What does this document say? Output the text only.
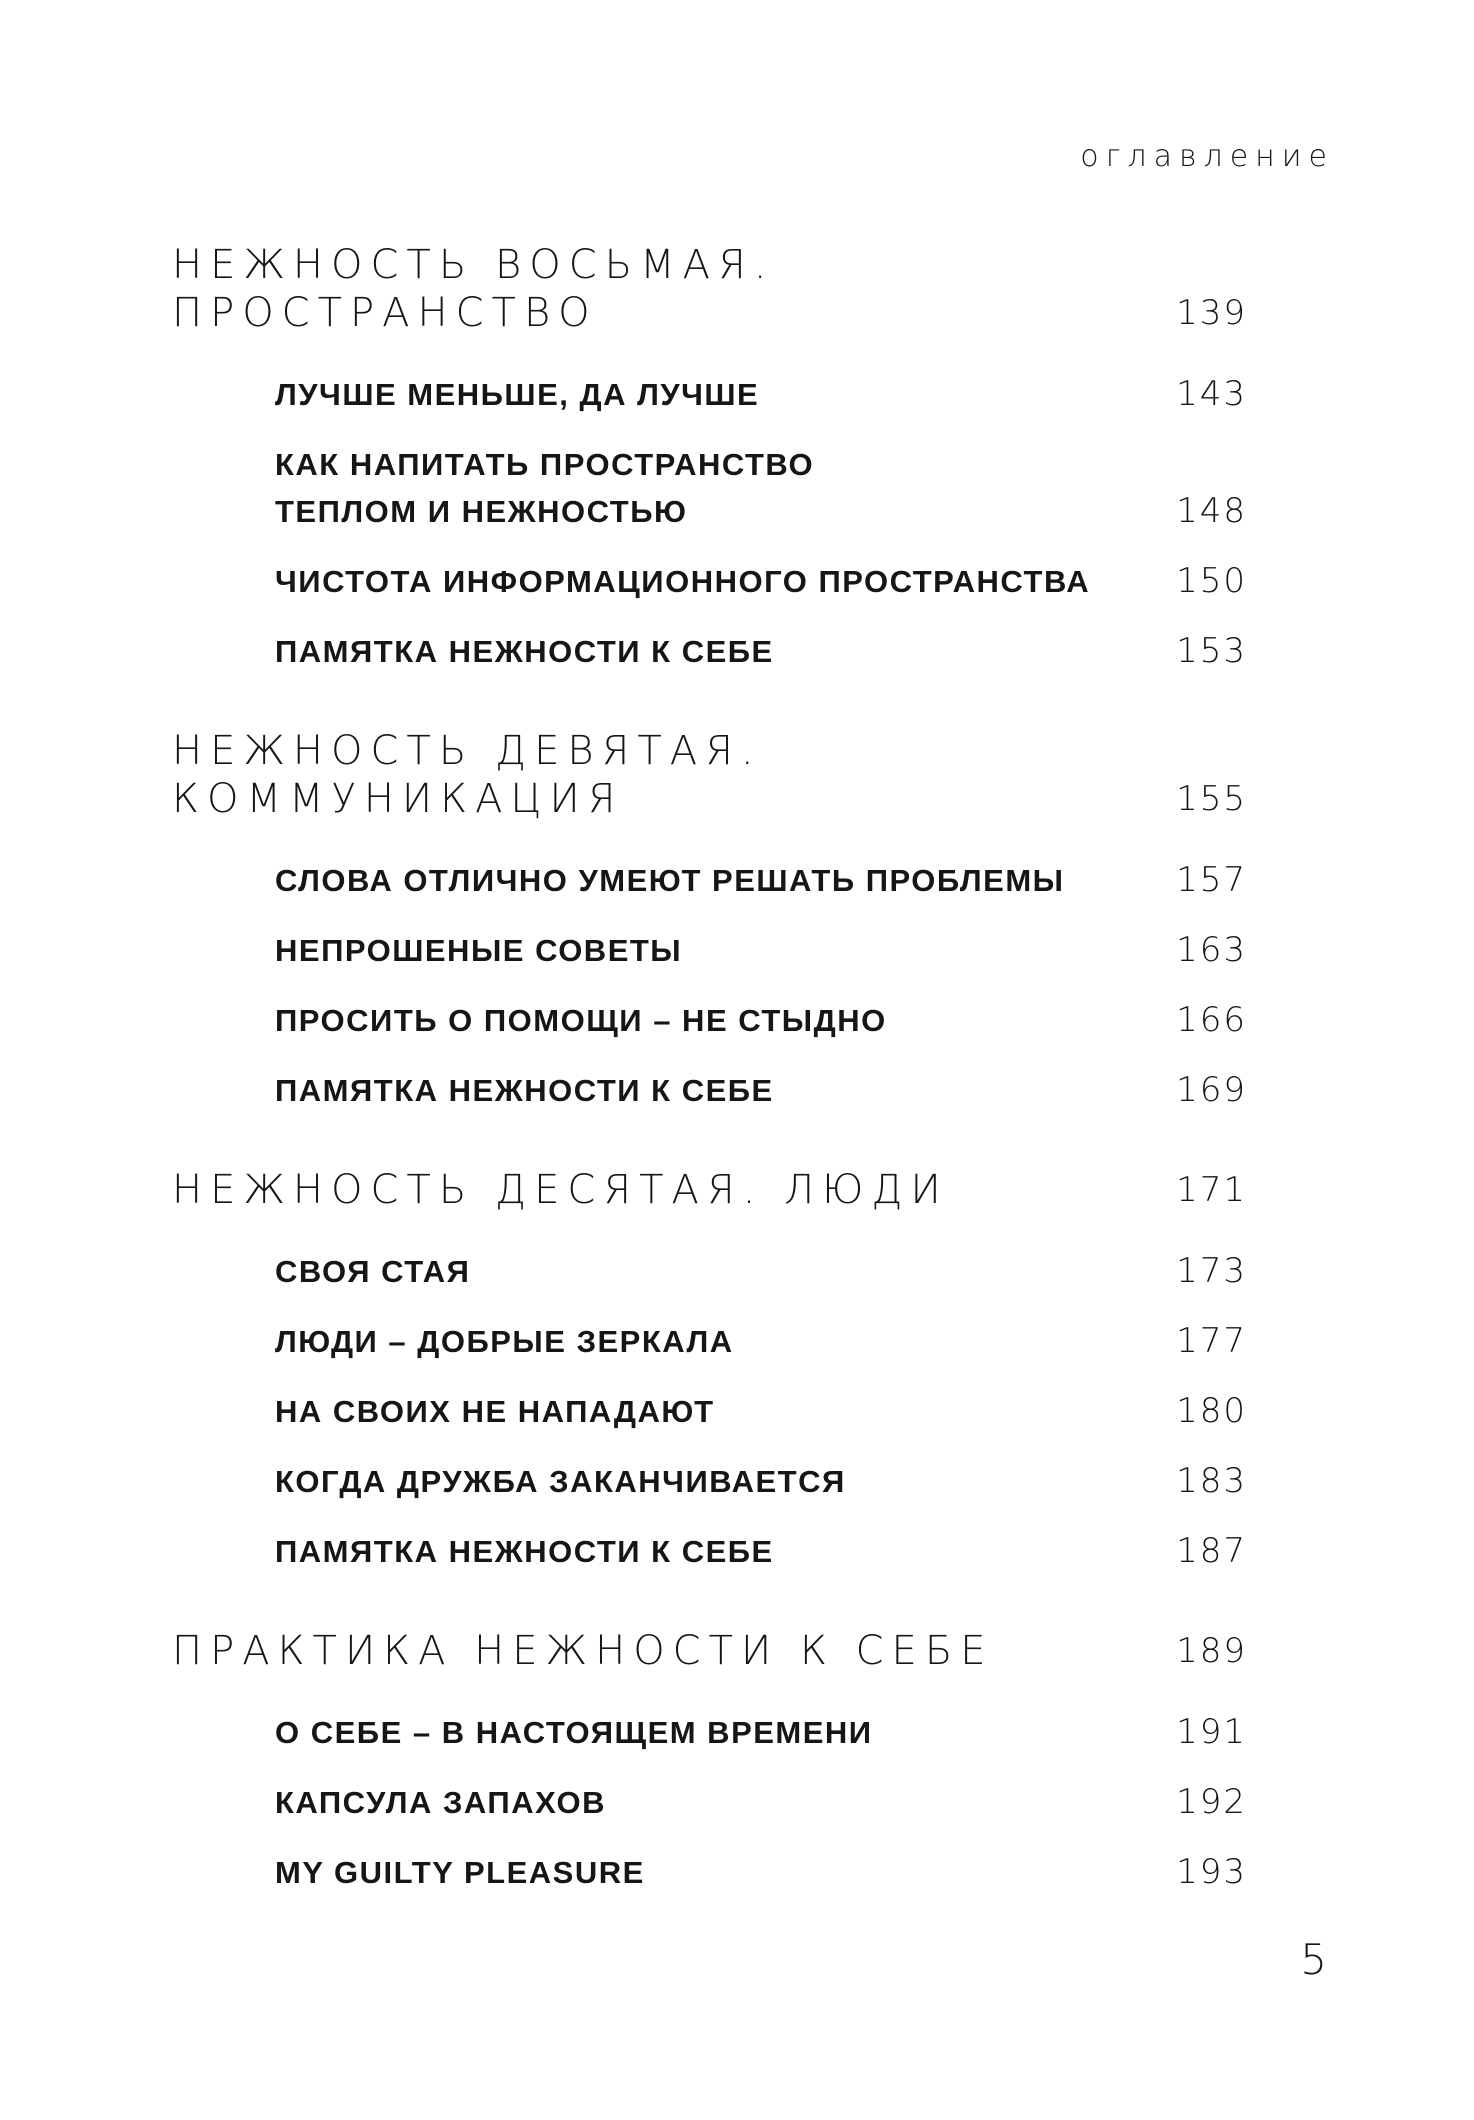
оглавление
НЕЖНОСТЬ ВОСЬМАЯ.
ПРОСТРАНСТВО	139
ЛУЧШЕ МЕНЬШЕ, ДА ЛУЧШЕ	143
КАК НАПИТАТЬ ПРОСТРАНСТВО
ТЕПЛОМ И НЕЖНОСТЬЮ	148
ЧИСТОТА ИНФОРМАЦИОННОГО ПРОСТРАНСТВА	150
ПАМЯТКА НЕЖНОСТИ К СЕБЕ	153
НЕЖНОСТЬ ДЕВЯТАЯ.
КОММУНИКАЦИЯ	155
СЛОВА ОТЛИЧНО УМЕЮТ РЕШАТЬ ПРОБЛЕМЫ	157
НЕПРОШЕНЫЕ СОВЕТЫ	163
ПРОСИТЬ О ПОМОЩИ – НЕ СТЫДНО	166
ПАМЯТКА НЕЖНОСТИ К СЕБЕ	169
НЕЖНОСТЬ ДЕСЯТАЯ. ЛЮДИ	171
СВОЯ СТАЯ	173
ЛЮДИ – ДОБРЫЕ ЗЕРКАЛА	177
НА СВОИХ НЕ НАПАДАЮТ	180
КОГДА ДРУЖБА ЗАКАНЧИВАЕТСЯ	183
ПАМЯТКА НЕЖНОСТИ К СЕБЕ	187
ПРАКТИКА НЕЖНОСТИ К СЕБЕ	189
О СЕБЕ – В НАСТОЯЩЕМ ВРЕМЕНИ	191
КАПСУЛА ЗАПАХОВ	192
MY GUILTY PLEASURE	193
5
